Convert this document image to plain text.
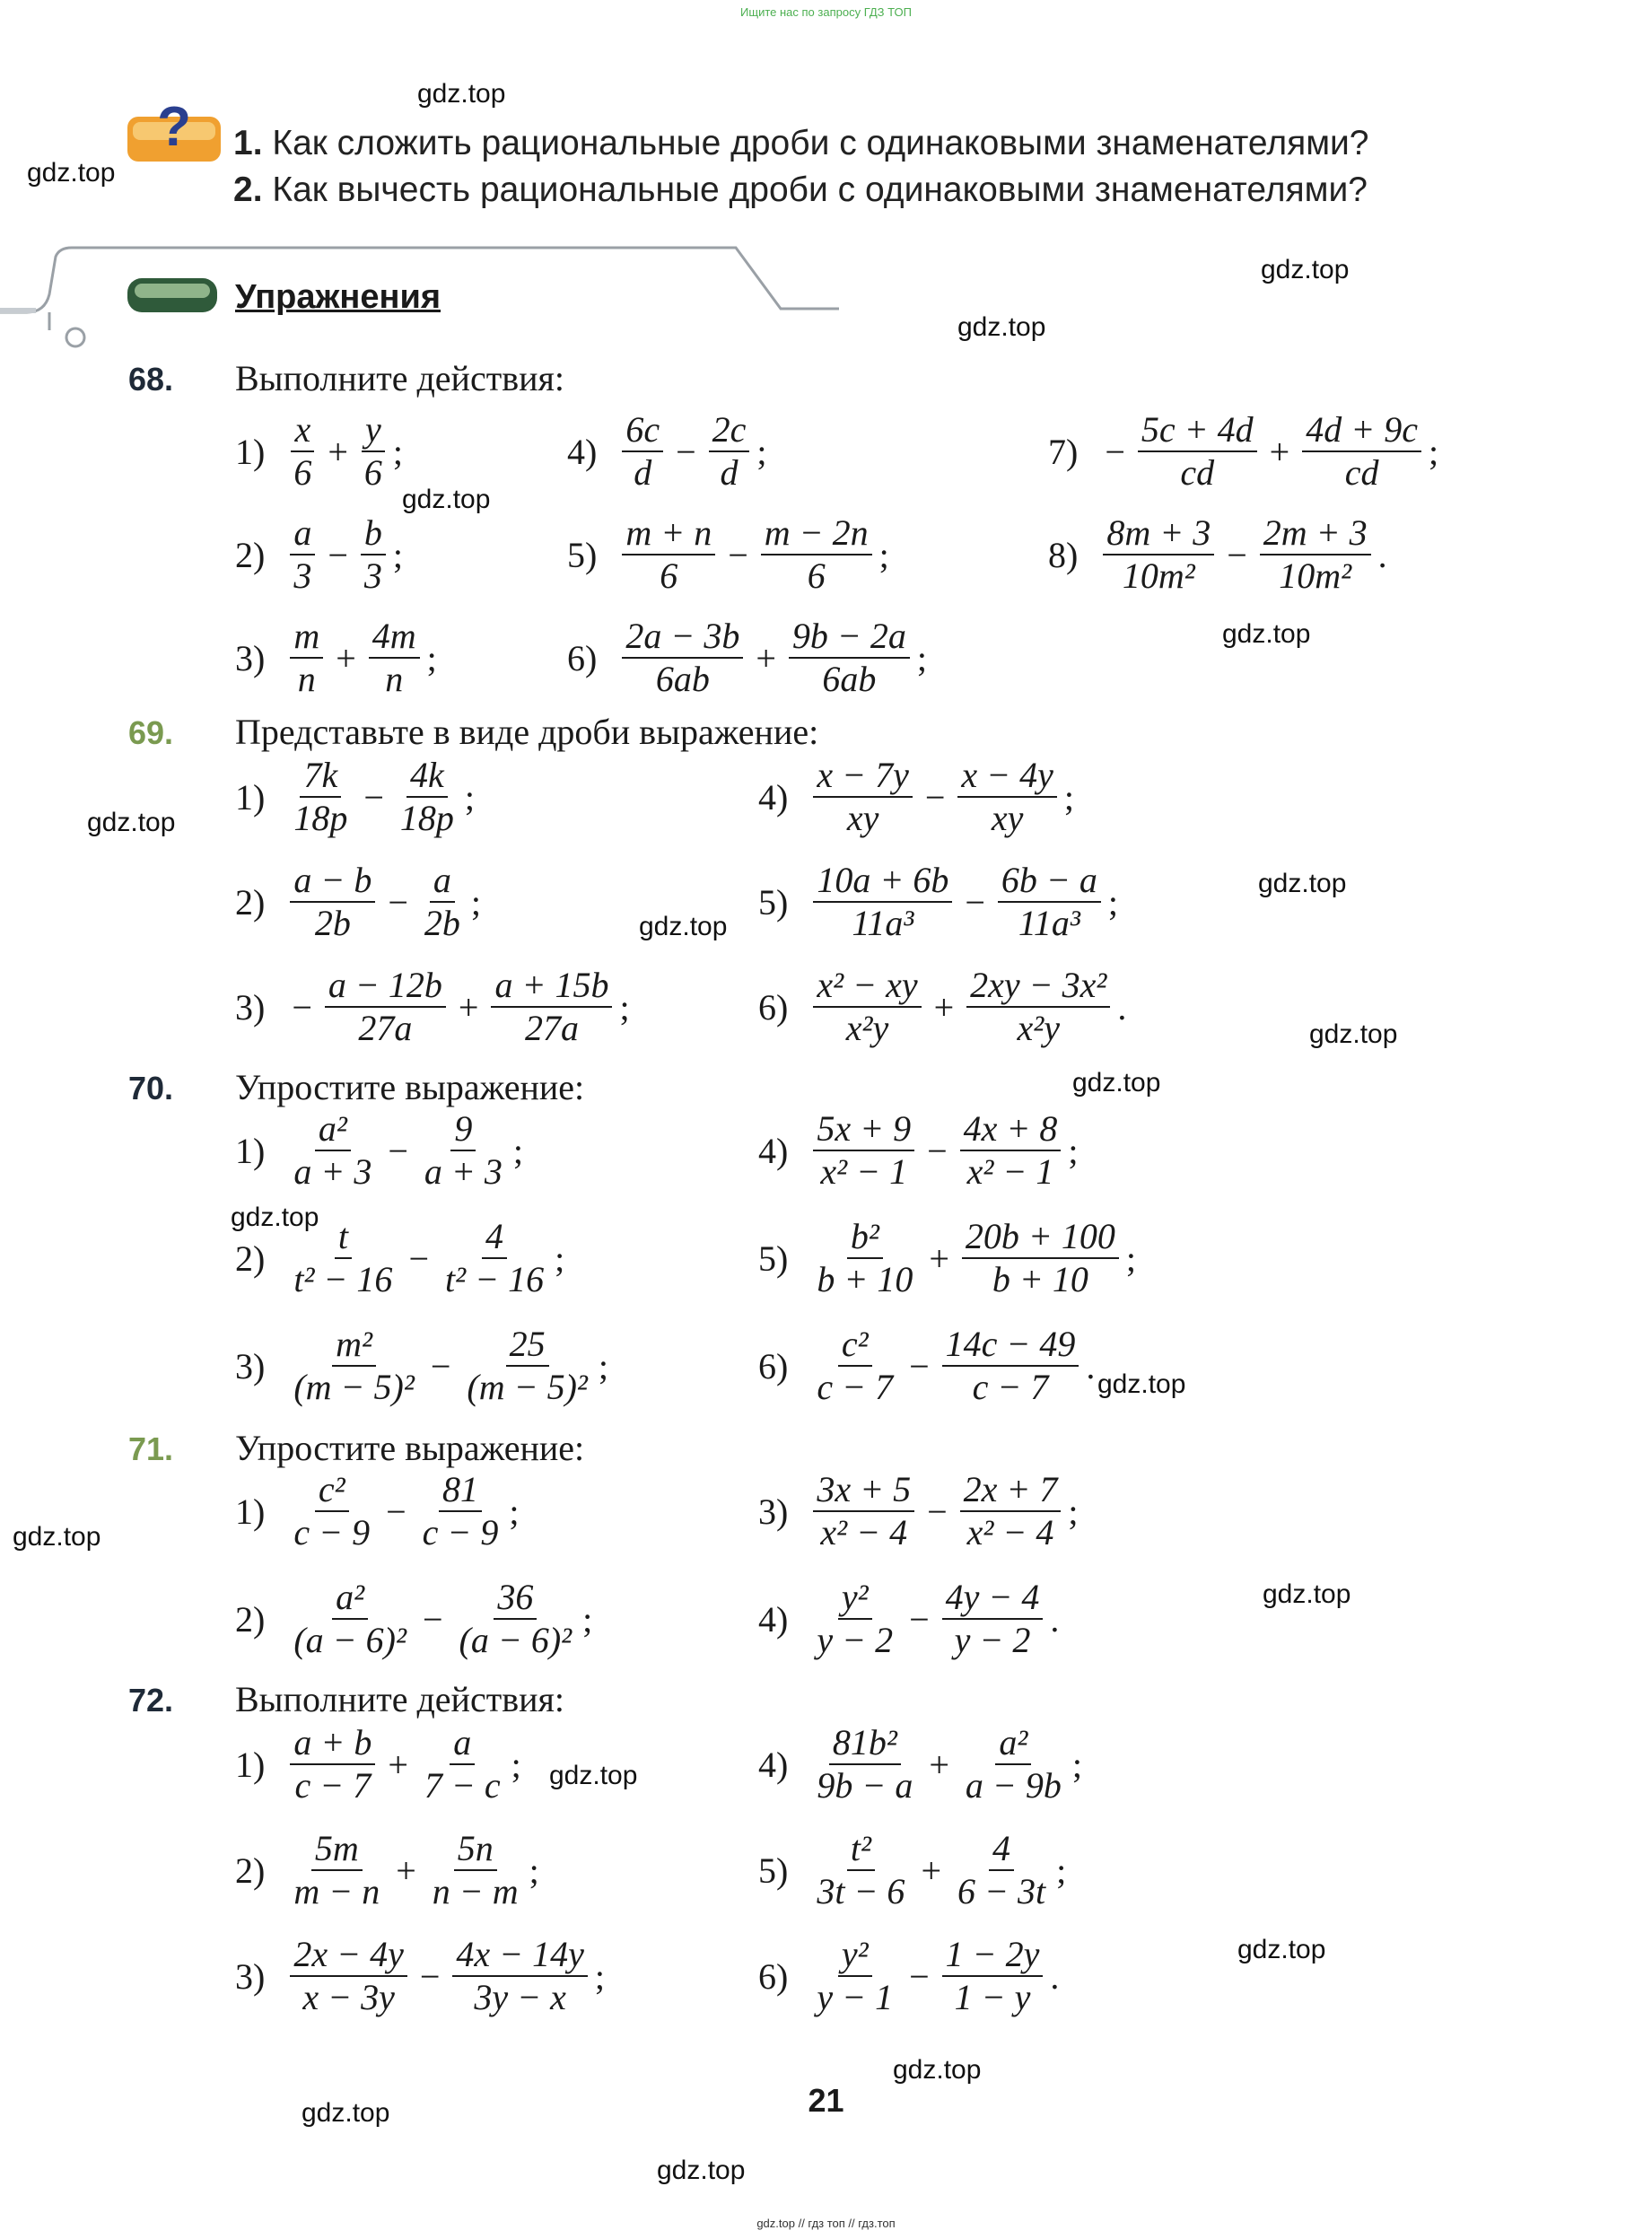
Ищите нас по запросу ГДЗ ТОП
? 1. Как сложить рациональные дроби с одинаковыми знаменателями?
2. Как вычесть рациональные дроби с одинаковыми знаменателями?
Упражнения
68. Выполните действия:
69. Представьте в виде дроби выражение:
70. Упростите выражение:
71. Упростите выражение:
72. Выполните действия:
$1) \frac{x}{6} + \frac{y}{6}$ ;	$4) \frac{6c}{d} - \frac{2c}{d}$ ;	$7) - \frac{5c + 4d}{cd} + \frac{4d + 9c}{cd}$ ;
$2) \frac{a}{3} - \frac{b}{3}$ ;	$5) \frac{m + n}{6} - \frac{m - 2n}{6}$ ;	$8) \frac{8m + 3}{\text{10m²}} - \frac{2m + 3}{\text{10m²}}$ .
$3) \frac{m}{n} + \frac{4m}{n}$ ;	$6) \frac{2a - 3b}{6ab} + \frac{9b - 2a}{6ab}$ ;
$1) \frac{7k}{18p} - \frac{4k}{18p}$ ;	$4) \frac{x - 7y}{xy} - \frac{x - 4y}{xy}$ ;
$2) \frac{a - b}{2b} - \frac{a}{2b}$ ;	$5) \frac{10a + 6b}{\text{11a³}} - \frac{6b - a}{\text{11a³}}$ ;
$3) - \frac{a - 12b}{27a} + \frac{a + 15b}{27a}$ ;	$6) \frac{\text{x² − xy}}{\text{x²y}} + \frac{\text{2xy − 3x²}}{\text{x²y}}$ .
$1) \frac{\text{a²}}{a + 3} - \frac{9}{a + 3}$ ;	$4) \frac{5x + 9}{\text{x² − 1}} - \frac{4x + 8}{\text{x² − 1}}$ ;
$2) \frac{t}{\text{t² − 16}} - \frac{4}{\text{t² − 16}}$ ;	$5) \frac{\text{b²}}{b + 10} + \frac{20b + 100}{b + 10}$ ;
$3) \frac{\text{m²}}{\text{(m − 5)²}} - \frac{25}{\text{(m − 5)²}}$ ;	$6) \frac{\text{c²}}{c - 7} - \frac{14c - 49}{c - 7}$ .
$1) \frac{\text{c²}}{c - 9} - \frac{81}{c - 9}$ ;	$3) \frac{3x + 5}{\text{x² − 4}} - \frac{2x + 7}{\text{x² − 4}}$ ;
$2) \frac{\text{a²}}{\text{(a − 6)²}} - \frac{36}{\text{(a − 6)²}}$ ;	$4) \frac{\text{y²}}{y - 2} - \frac{4y - 4}{y - 2}$ .
$1) \frac{a + b}{c - 7} + \frac{a}{7 - c}$ ;	$4) \frac{\text{81b²}}{9b - a} + \frac{\text{a²}}{a - 9b}$ ;
$2) \frac{5m}{m - n} + \frac{5n}{n - m}$ ;	$5) \frac{\text{t²}}{3t - 6} + \frac{4}{6 - 3t}$ ;
$3) \frac{2x - 4y}{x - 3y} - \frac{4x - 14y}{3y - x}$ ;	$6) \frac{\text{y²}}{y - 1} - \frac{1 - 2y}{1 - y}$ .
21
gdz.top
gdz.top
gdz.top
gdz.top
gdz.top
gdz.top
gdz.top
gdz.top
gdz.top
gdz.top
gdz.top
gdz.top
gdz.top
gdz.top
gdz.top
gdz.top
gdz.top
gdz.top
gdz.top
gdz.top
gdz.top // гдз топ // гдз.топ
